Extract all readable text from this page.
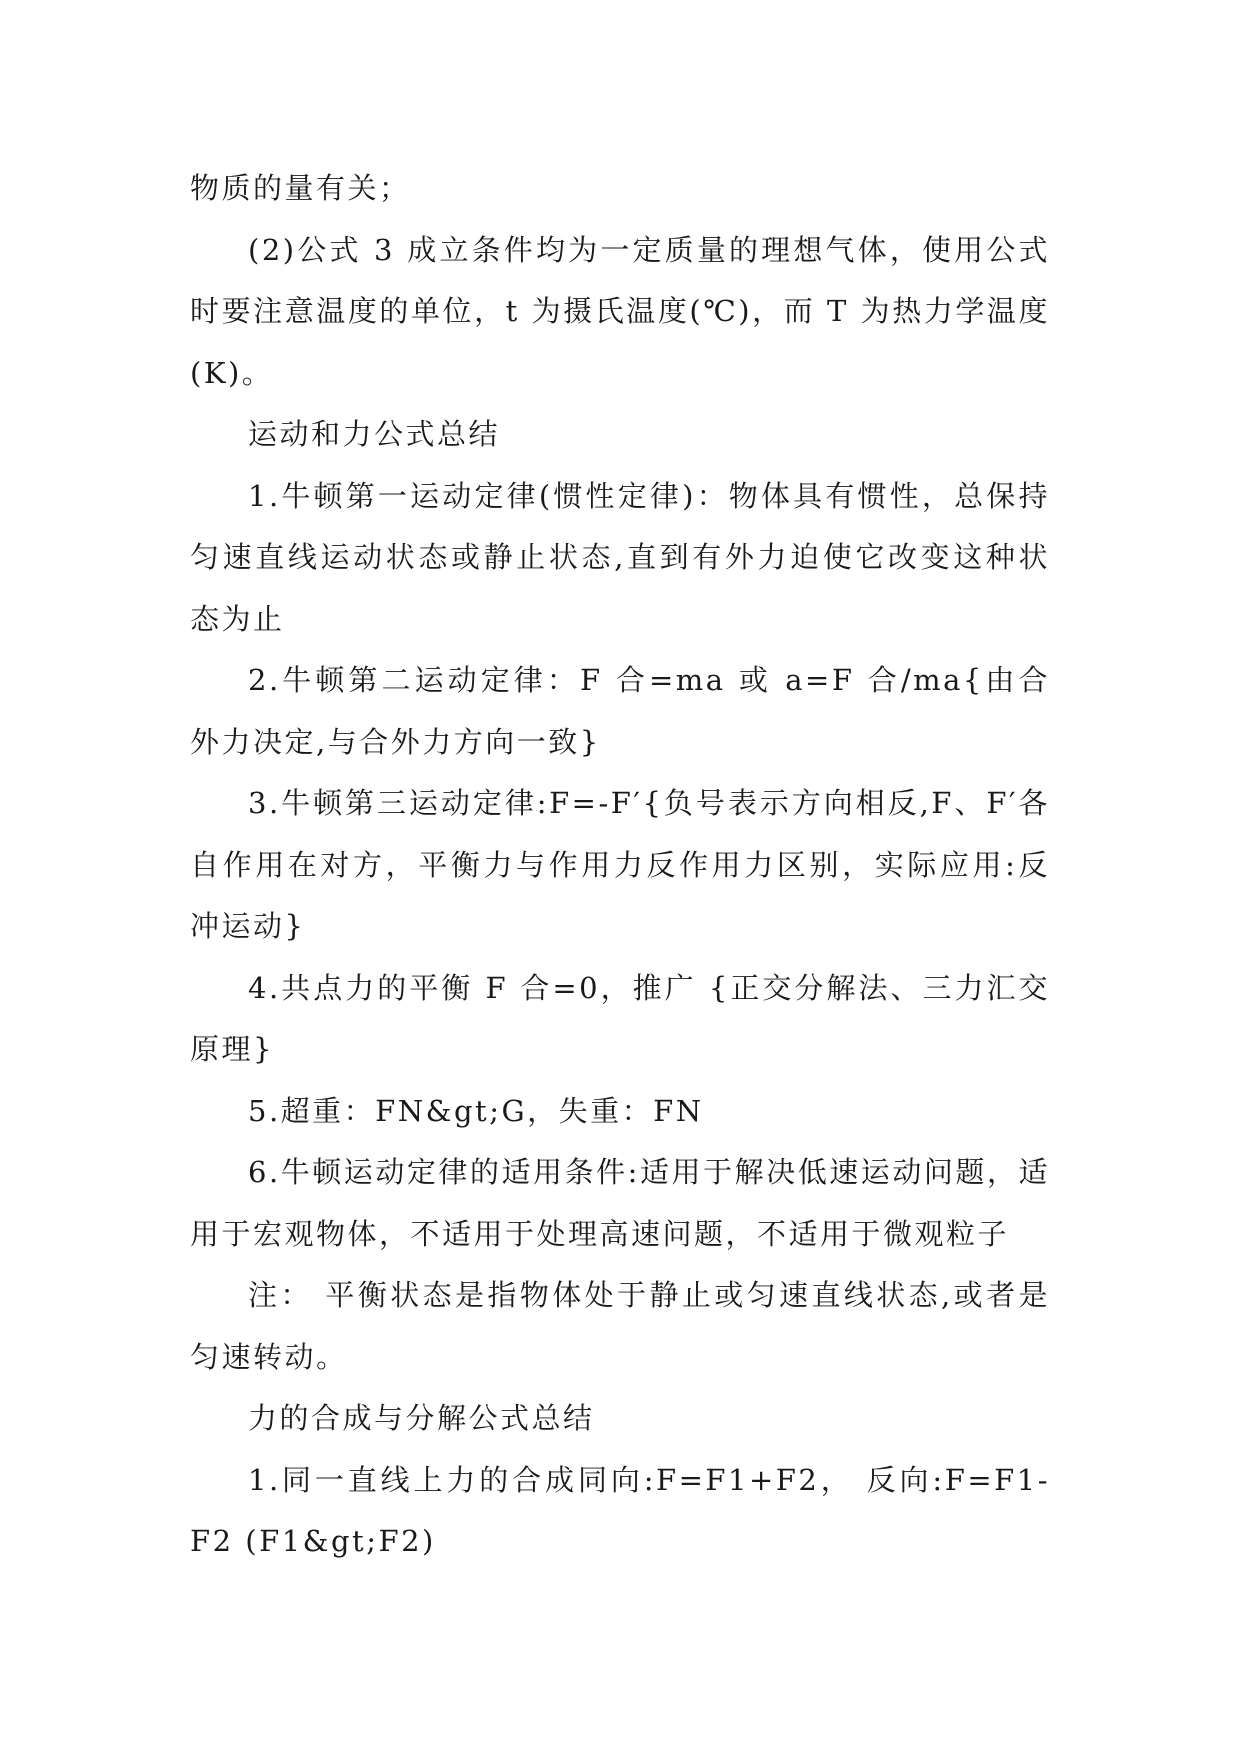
物质的量有关；

(2)公式 3 成立条件均为一定质量的理想气体，使用公式时要注意温度的单位，t 为摄氏温度(℃)，而 T 为热力学温度(K)。

运动和力公式总结

1.牛顿第一运动定律(惯性定律)：物体具有惯性，总保持匀速直线运动状态或静止状态,直到有外力迫使它改变这种状态为止

2.牛顿第二运动定律：F 合=ma 或 a=F 合/ma{由合外力决定,与合外力方向一致}

3.牛顿第三运动定律:F=-F′{负号表示方向相反,F、F′各自作用在对方，平衡力与作用力反作用力区别，实际应用:反冲运动}

4.共点力的平衡 F 合=0，推广 {正交分解法、三力汇交原理}

5.超重：FN&gt;G，失重：FN

6.牛顿运动定律的适用条件:适用于解决低速运动问题，适用于宏观物体，不适用于处理高速问题，不适用于微观粒子

注： 平衡状态是指物体处于静止或匀速直线状态,或者是匀速转动。

力的合成与分解公式总结

1.同一直线上力的合成同向:F=F1+F2， 反向:F=F1-F2 (F1&gt;F2)
